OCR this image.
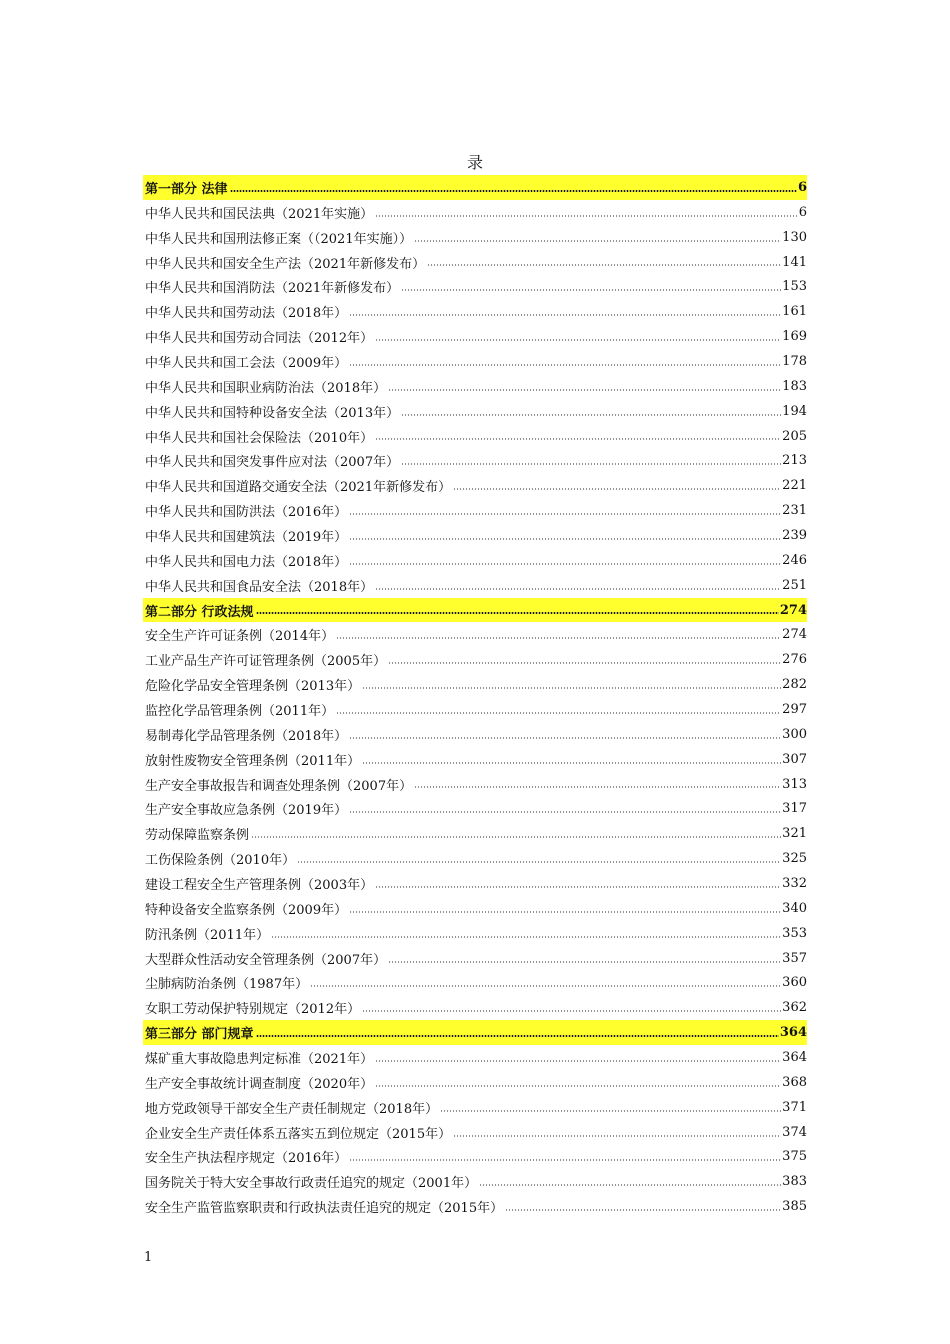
录
第一部分 法律	6
中华人民共和国民法典（2021年实施）	6
中华人民共和国刑法修正案（（2021年实施））	130
中华人民共和国安全生产法（2021年新修发布）	141
中华人民共和国消防法（2021年新修发布）	153
中华人民共和国劳动法（2018年）	161
中华人民共和国劳动合同法（2012年）	169
中华人民共和国工会法（2009年）	178
中华人民共和国职业病防治法（2018年）	183
中华人民共和国特种设备安全法（2013年）	194
中华人民共和国社会保险法（2010年）	205
中华人民共和国突发事件应对法（2007年）	213
中华人民共和国道路交通安全法（2021年新修发布）	221
中华人民共和国防洪法（2016年）	231
中华人民共和国建筑法（2019年）	239
中华人民共和国电力法（2018年）	246
中华人民共和国食品安全法（2018年）	251
第二部分 行政法规	274
安全生产许可证条例（2014年）	274
工业产品生产许可证管理条例（2005年）	276
危险化学品安全管理条例（2013年）	282
监控化学品管理条例（2011年）	297
易制毒化学品管理条例（2018年）	300
放射性废物安全管理条例（2011年）	307
生产安全事故报告和调查处理条例（2007年）	313
生产安全事故应急条例（2019年）	317
劳动保障监察条例	321
工伤保险条例（2010年）	325
建设工程安全生产管理条例（2003年）	332
特种设备安全监察条例（2009年）	340
防汛条例（2011年）	353
大型群众性活动安全管理条例（2007年）	357
尘肺病防治条例（1987年）	360
女职工劳动保护特别规定（2012年）	362
第三部分 部门规章	364
煤矿重大事故隐患判定标准（2021年）	364
生产安全事故统计调查制度（2020年）	368
地方党政领导干部安全生产责任制规定（2018年）	371
企业安全生产责任体系五落实五到位规定（2015年）	374
安全生产执法程序规定（2016年）	375
国务院关于特大安全事故行政责任追究的规定（2001年）	383
安全生产监管监察职责和行政执法责任追究的规定（2015年）	385
1
